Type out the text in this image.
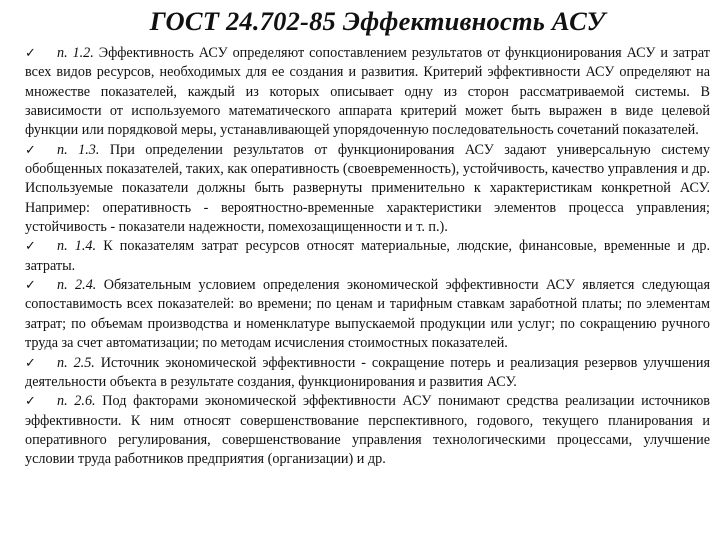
ГОСТ 24.702-85 Эффективность АСУ

✓ п. 1.2. Эффективность АСУ определяют сопоставлением результатов от функционирования АСУ и затрат всех видов ресурсов, необходимых для ее создания и развития. Критерий эффективности АСУ определяют на множестве показателей, каждый из которых описывает одну из сторон рассматриваемой системы. В зависимости от используемого математического аппарата критерий может быть выражен в виде целевой функции или порядковой меры, устанавливающей упорядоченную последовательность сочетаний показателей.

✓ п. 1.3. При определении результатов от функционирования АСУ задают универсальную систему обобщенных показателей, таких, как оперативность (своевременность), устойчивость, качество управления и др. Используемые показатели должны быть развернуты применительно к характеристикам конкретной АСУ. Например: оперативность - вероятностно-временные характеристики элементов процесса управления; устойчивость - показатели надежности, помехозащищенности и т. п.).

✓ п. 1.4. К показателям затрат ресурсов относят материальные, людские, финансовые, временные и др. затраты.

✓ п. 2.4. Обязательным условием определения экономической эффективности АСУ является следующая сопоставимость всех показателей: во времени; по ценам и тарифным ставкам заработной платы; по элементам затрат; по объемам производства и номенклатуре выпускаемой продукции или услуг; по сокращению ручного труда за счет автоматизации; по методам исчисления стоимостных показателей.

✓ п. 2.5. Источник экономической эффективности - сокращение потерь и реализация резервов улучшения деятельности объекта в результате создания, функционирования и развития АСУ.

✓ п. 2.6. Под факторами экономической эффективности АСУ понимают средства реализации источников эффективности. К ним относят совершенствование перспективного, годового, текущего планирования и оперативного регулирования, совершенствование управления технологическими процессами, улучшение условии труда работников предприятия (организации) и др.
